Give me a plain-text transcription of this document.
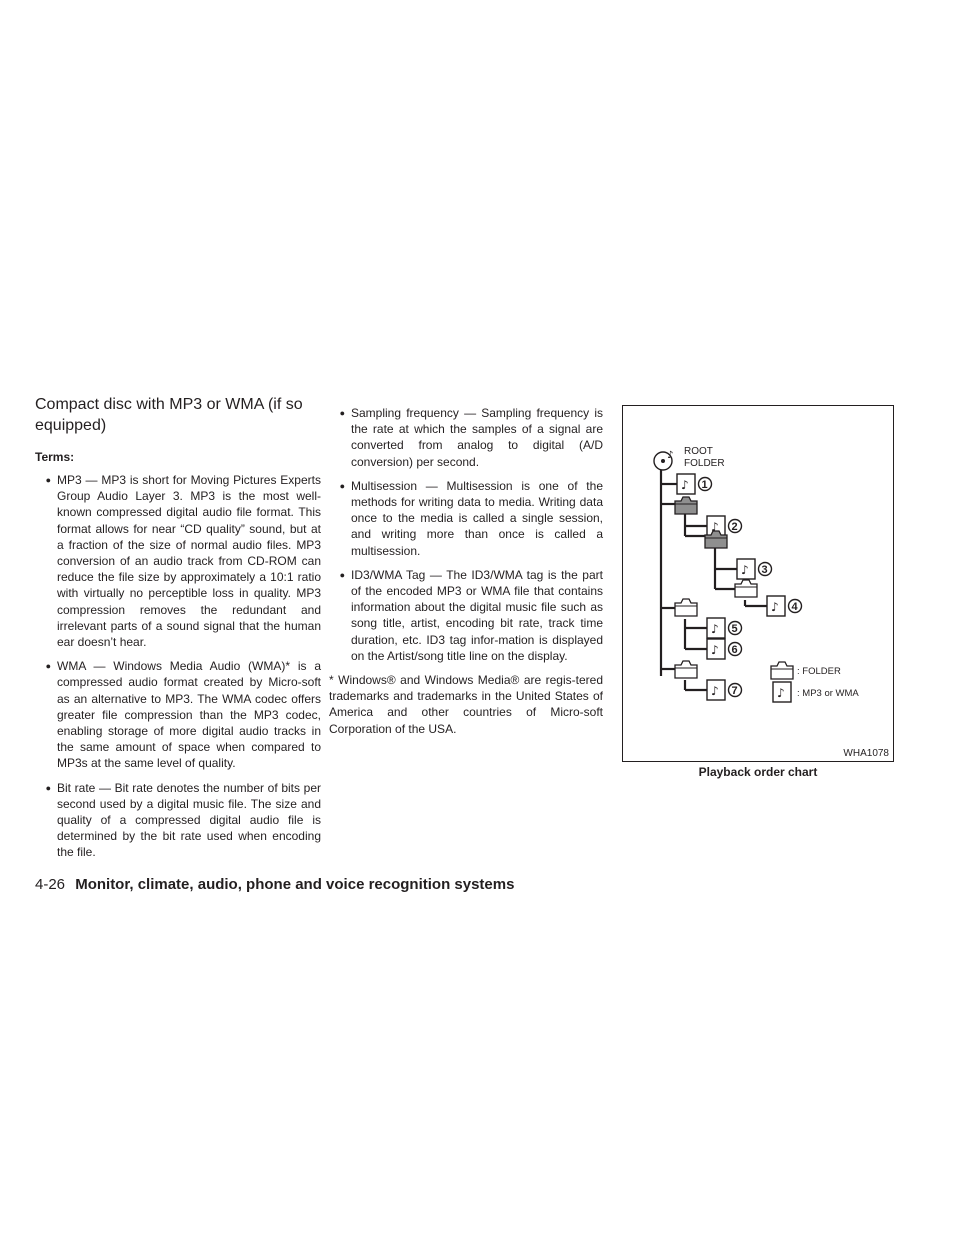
Compact disc with MP3 or WMA (if so equipped)
Terms:
●
MP3 — MP3 is short for Moving Pictures Experts Group Audio Layer 3. MP3 is the most well-known compressed digital audio file format. This format allows for near “CD quality” sound, but at a fraction of the size of normal audio files. MP3 conversion of an audio track from CD-ROM can reduce the file size by approximately a 10:1 ratio with virtually no perceptible loss in quality. MP3 compression removes the redundant and irrelevant parts of a sound signal that the human ear doesn’t hear.
●
WMA — Windows Media Audio (WMA)* is a compressed audio format created by Micro-soft as an alternative to MP3. The WMA codec offers greater file compression than the MP3 codec, enabling storage of more digital audio tracks in the same amount of space when compared to MP3s at the same level of quality.
●
Bit rate — Bit rate denotes the number of bits per second used by a digital music file. The size and quality of a compressed digital audio file is determined by the bit rate used when encoding the file.
●
Sampling frequency — Sampling frequency is the rate at which the samples of a signal are converted from analog to digital (A/D conversion) per second.
●
Multisession — Multisession is one of the methods for writing data to media. Writing data once to the media is called a single session, and writing more than once is called a multisession.
●
ID3/WMA Tag — The ID3/WMA tag is the part of the encoded MP3 or WMA file that contains information about the digital music file such as song title, artist, encoding bit rate, track time duration, etc. ID3 tag infor-mation is displayed on the Artist/song title line on the display.

* Windows® and Windows Media® are regis-tered trademarks and trademarks in the United States of America and other countries of Micro-soft Corporation of the USA.

♪
♪ ROOT
FOLDER
1
2
3
4
5
6
7
: FOLDER
: MP3 or WMA
WHA1078
Playback order chart
4-26 Monitor, climate, audio, phone and voice recognition systems
